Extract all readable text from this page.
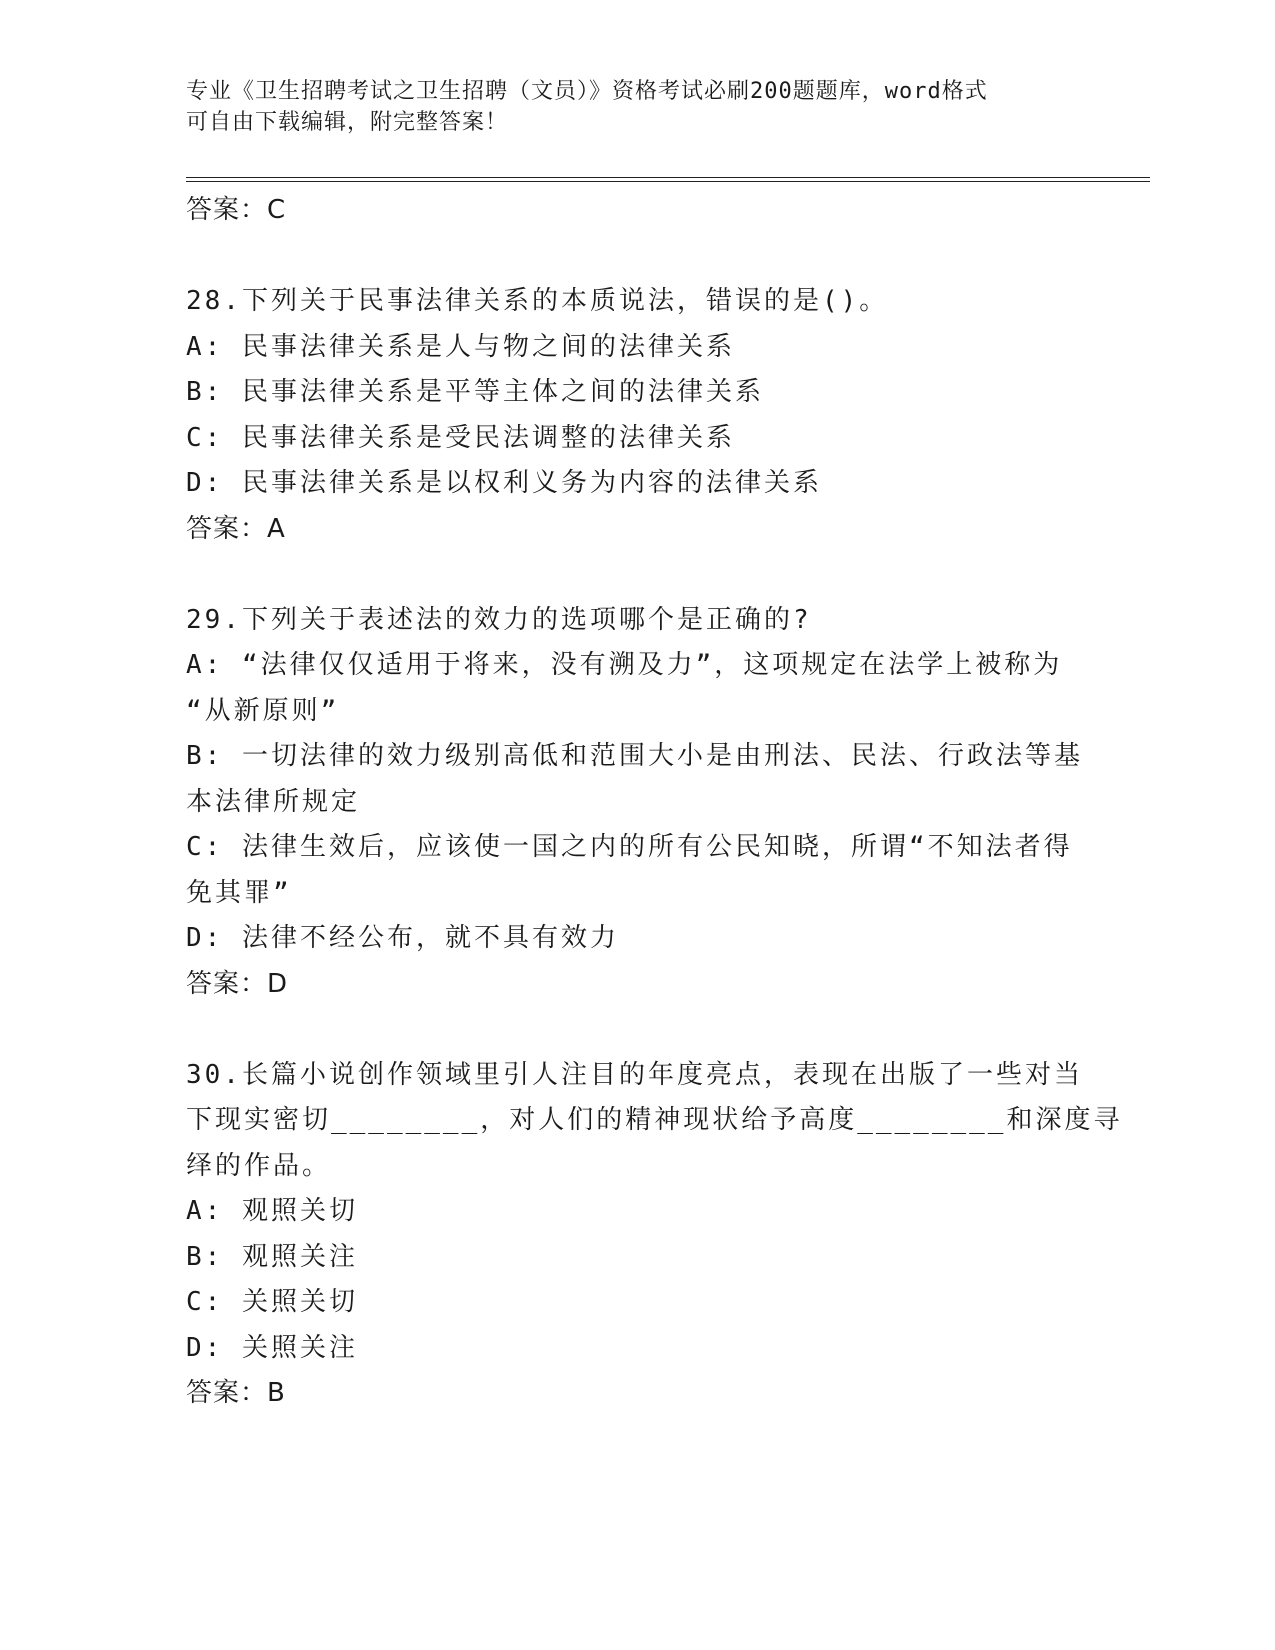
专业《卫生招聘考试之卫生招聘（文员）》资格考试必刷200题题库，word格式
可自由下载编辑，附完整答案！
答案：C
28.下列关于民事法律关系的本质说法，错误的是()。
A: 民事法律关系是人与物之间的法律关系
B: 民事法律关系是平等主体之间的法律关系
C: 民事法律关系是受民法调整的法律关系
D: 民事法律关系是以权利义务为内容的法律关系
答案：A
29.下列关于表述法的效力的选项哪个是正确的?
A: “法律仅仅适用于将来，没有溯及力”，这项规定在法学上被称为
“从新原则”
B: 一切法律的效力级别高低和范围大小是由刑法、民法、行政法等基
本法律所规定
C: 法律生效后，应该使一国之内的所有公民知晓，所谓“不知法者得
免其罪”
D: 法律不经公布，就不具有效力
答案：D
30.长篇小说创作领域里引人注目的年度亮点，表现在出版了一些对当
下现实密切________，对人们的精神现状给予高度________和深度寻
绎的作品。
A: 观照关切
B: 观照关注
C: 关照关切
D: 关照关注
答案：B
